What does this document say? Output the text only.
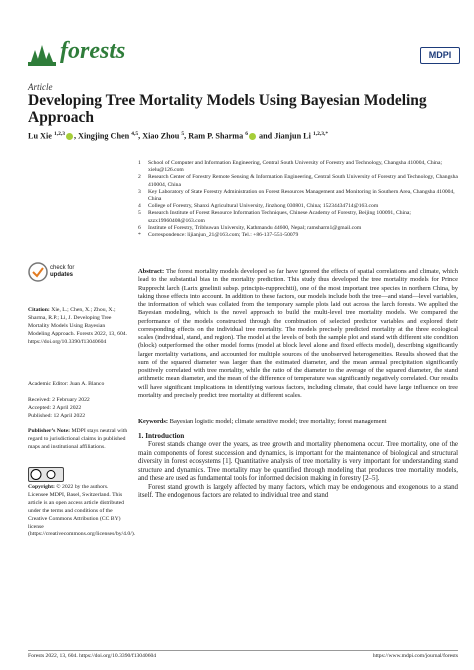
forests	MDPI
Article
Developing Tree Mortality Models Using Bayesian Modeling Approach
Lu Xie $^{1,2,3}$ , Xingjing Chen $^{4,5}$, Xiao Zhou $^5$, Ram P. Sharma $^6$ and Jianjun Li $^{1,2,3,*}$
1	School of Computer and Information Engineering, Central South University of Forestry and Technology, Changsha 410004, China; xielu@126.com
2	Research Center of Forestry Remote Sensing & Information Engineering, Central South University of Forestry and Technology, Changsha 410004, China
3	Key Laboratory of State Forestry Administration on Forest Resources Management and Monitoring in Southern Area, Changsha 410004, China
4	College of Forestry, Shanxi Agricultural University, Jinzhong 030801, China; 15234434714@163.com
5	Research Institute of Forest Resource Information Techniques, Chinese Academy of Forestry, Beijing 100091, China; szzx19960408@163.com
6	Institute of Forestry, Tribhuwan University, Kathmandu 44600, Nepal; ramsharm1@gmail.com
*	Correspondence: lijianjun_21@163.com; Tel.: +86-137-551-50079
check for
updates
Citation: Xie, L.; Chen, X.; Zhou, X.; Sharma, R.P.; Li, J. Developing Tree Mortality Models Using Bayesian Modeling Approach. Forests 2022, 13, 604. https://doi.org/10.3390/f13040604
Academic Editor: Juan A. Blanco
Received: 2 February 2022
Accepted: 2 April 2022
Published: 12 April 2022
Publisher’s Note: MDPI stays neutral with regard to jurisdictional claims in published maps and institutional affiliations.
Copyright: © 2022 by the authors. Licensee MDPI, Basel, Switzerland. This article is an open access article distributed under the terms and conditions of the Creative Commons Attribution (CC BY) license (https://creativecommons.org/licenses/by/4.0/).
Abstract: The forest mortality models developed so far have ignored the effects of spatial correlations and climate, which lead to the substantial bias in the mortality prediction. This study thus developed the tree mortality models for Prince Rupprecht larch (Larix gmelinii subsp. principis-rupprechtii), one of the most important tree species in northern China, by taking those effects into account. In addition to these factors, our models include both the tree—and stand—level variables, the information of which was collated from the temporary sample plots laid out across the larch forests. We applied the Bayesian modeling, which is the novel approach to build the multi-level tree mortality models. We compared the performance of the models constructed through the combination of selected predictor variables and explored their corresponding effects on the individual tree mortality. The models precisely predicted mortality at the three ecological scales (individual, stand, and region). The model at the levels of both the sample plot and stand with different site condition (block) outperformed the other model forms (model at block level alone and fixed effects model), describing significantly larger mortality variations, and accounted for multiple sources of the unobserved heterogeneities. Results showed that the sum of the squared diameter was larger than the estimated diameter, and the mean annual precipitation significantly positively correlated with tree mortality, while the ratio of the diameter to the average of the squared diameter, the stand arithmetic mean diameter, and the mean of the difference of temperature was significantly negatively correlated. Our results will have significant implications in identifying various factors, including climate, that could have large influence on tree mortality and precisely predict tree mortality at different scales.
Keywords: Bayesian logistic model; climate sensitive model; tree mortality; forest management
1. Introduction

Forest stands change over the years, as tree growth and mortality phenomena occur. Tree mortality, one of the main components of forest succession and dynamics, is important for the maintenance of biological and structural diversity in forest ecosystems [1]. Quantitative analysis of tree mortality is very important for understanding stand structure and dynamics. Tree mortality may be quantified through modeling that produces tree mortality models, and these are used as fundamental tools for informed decision making in forestry [2–5].

Forest stand growth is largely affected by many factors, which may be endogenous and exogenous to a stand itself. The endogenous factors are related to individual tree and stand

Forests 2022, 13, 604. https://doi.org/10.3390/f13040604	https://www.mdpi.com/journal/forests
